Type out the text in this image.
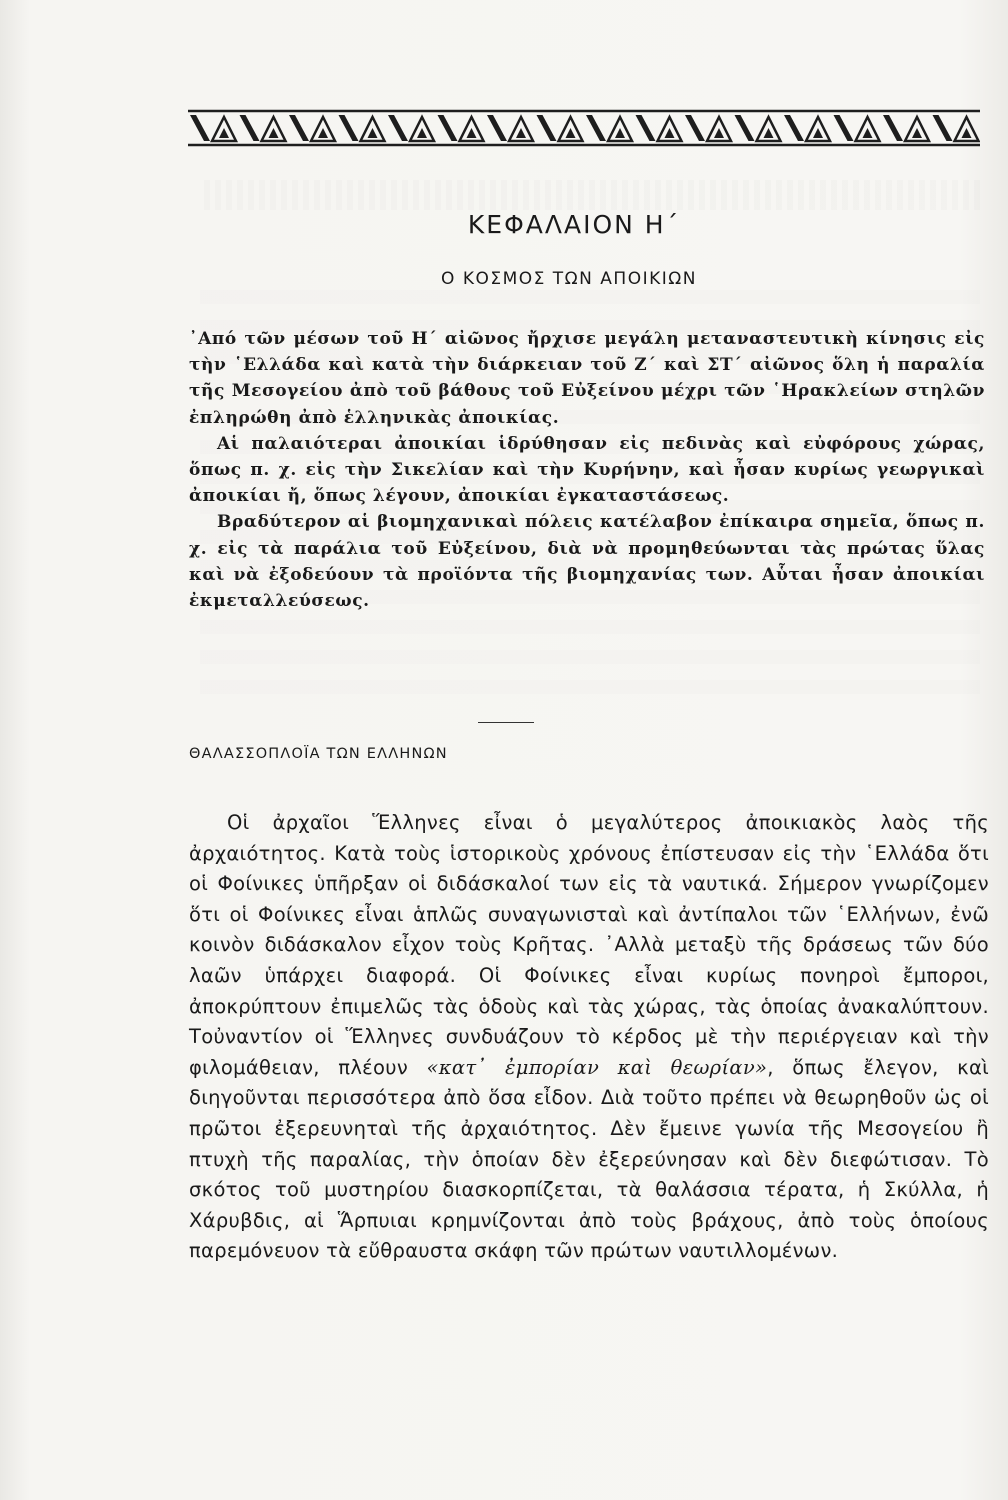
ΚΕΦΑΛΑΙΟΝ Η΄
Ο ΚΟΣΜΟΣ ΤΩΝ ΑΠΟΙΚΙΩΝ

᾿Από τῶν μέσων τοῦ Η΄ αἰῶνος ἤρχισε μεγάλη μεταναστευτικὴ κίνησις εἰς τὴν ῾Ελλάδα καὶ κατὰ τὴν διάρκειαν τοῦ Ζ΄ καὶ ΣΤ΄ αἰῶνος ὅλη ἡ παραλία τῆς Μεσογείου ἀπὸ τοῦ βάθους τοῦ Εὐξείνου μέχρι τῶν ῾Ηρακλείων στηλῶν ἐπληρώθη ἀπὸ ἑλληνικὰς ἀποικίας.

Αἱ παλαιότεραι ἀποικίαι ἱδρύθησαν εἰς πεδινὰς καὶ εὐφόρους χώρας, ὅπως π. χ. εἰς τὴν Σικελίαν καὶ τὴν Κυρήνην, καὶ ἦσαν κυρίως γεωργικαὶ ἀποικίαι ἤ, ὅπως λέγουν, ἀποικίαι ἐγκαταστάσεως.

Βραδύτερον αἱ βιομηχανικαὶ πόλεις κατέλαβον ἐπίκαιρα σημεῖα, ὅπως π. χ. εἰς τὰ παράλια τοῦ Εὐξείνου, διὰ νὰ προμηθεύωνται τὰς πρώτας ὕλας καὶ νὰ ἐξοδεύουν τὰ προϊόντα τῆς βιομηχανίας των. Αὗται ἦσαν ἀποικίαι ἐκμεταλλεύσεως.

ΘΑΛΑΣΣΟΠΛΟΪΑ ΤΩΝ ΕΛΛΗΝΩΝ

Οἱ ἀρχαῖοι Ἕλληνες εἶναι ὁ μεγαλύτερος ἀποικιακὸς λαὸς τῆς ἀρχαιότητος. Κατὰ τοὺς ἱστορικοὺς χρόνους ἐπίστευσαν εἰς τὴν ῾Ελλάδα ὅτι οἱ Φοίνικες ὑπῆρξαν οἱ διδάσκαλοί των εἰς τὰ ναυτικά. Σήμερον γνωρίζομεν ὅτι οἱ Φοίνικες εἶναι ἁπλῶς συναγωνισταὶ καὶ ἀντίπαλοι τῶν ῾Ελλήνων, ἐνῶ κοινὸν διδάσκαλον εἶχον τοὺς Κρῆτας. ᾿Αλλὰ μεταξὺ τῆς δράσεως τῶν δύο λαῶν ὑπάρχει διαφορά. Οἱ Φοίνικες εἶναι κυρίως πονηροὶ ἔμποροι, ἀποκρύπτουν ἐπιμελῶς τὰς ὁδοὺς καὶ τὰς χώρας, τὰς ὁποίας ἀνακαλύπτουν. Τοὐναντίον οἱ Ἕλληνες συνδυάζουν τὸ κέρδος μὲ τὴν περιέργειαν καὶ τὴν φιλομάθειαν, πλέουν «κατ᾿ ἐμπορίαν καὶ θεωρίαν», ὅπως ἔλεγον, καὶ διηγοῦνται περισσότερα ἀπὸ ὅσα εἶδον. Διὰ τοῦτο πρέπει νὰ θεωρηθοῦν ὡς οἱ πρῶτοι ἐξερευνηταὶ τῆς ἀρχαιότητος. Δὲν ἔμεινε γωνία τῆς Μεσογείου ἢ πτυχὴ τῆς παραλίας, τὴν ὁποίαν δὲν ἐξερεύνησαν καὶ δὲν διεφώτισαν. Τὸ σκότος τοῦ μυστηρίου διασκορπίζεται, τὰ θαλάσσια τέρατα, ἡ Σκύλλα, ἡ Χάρυβδις, αἱ Ἅρπυιαι κρημνίζονται ἀπὸ τοὺς βράχους, ἀπὸ τοὺς ὁποίους παρεμόνευον τὰ εὔθραυστα σκάφη τῶν πρώτων ναυτιλλομένων.
